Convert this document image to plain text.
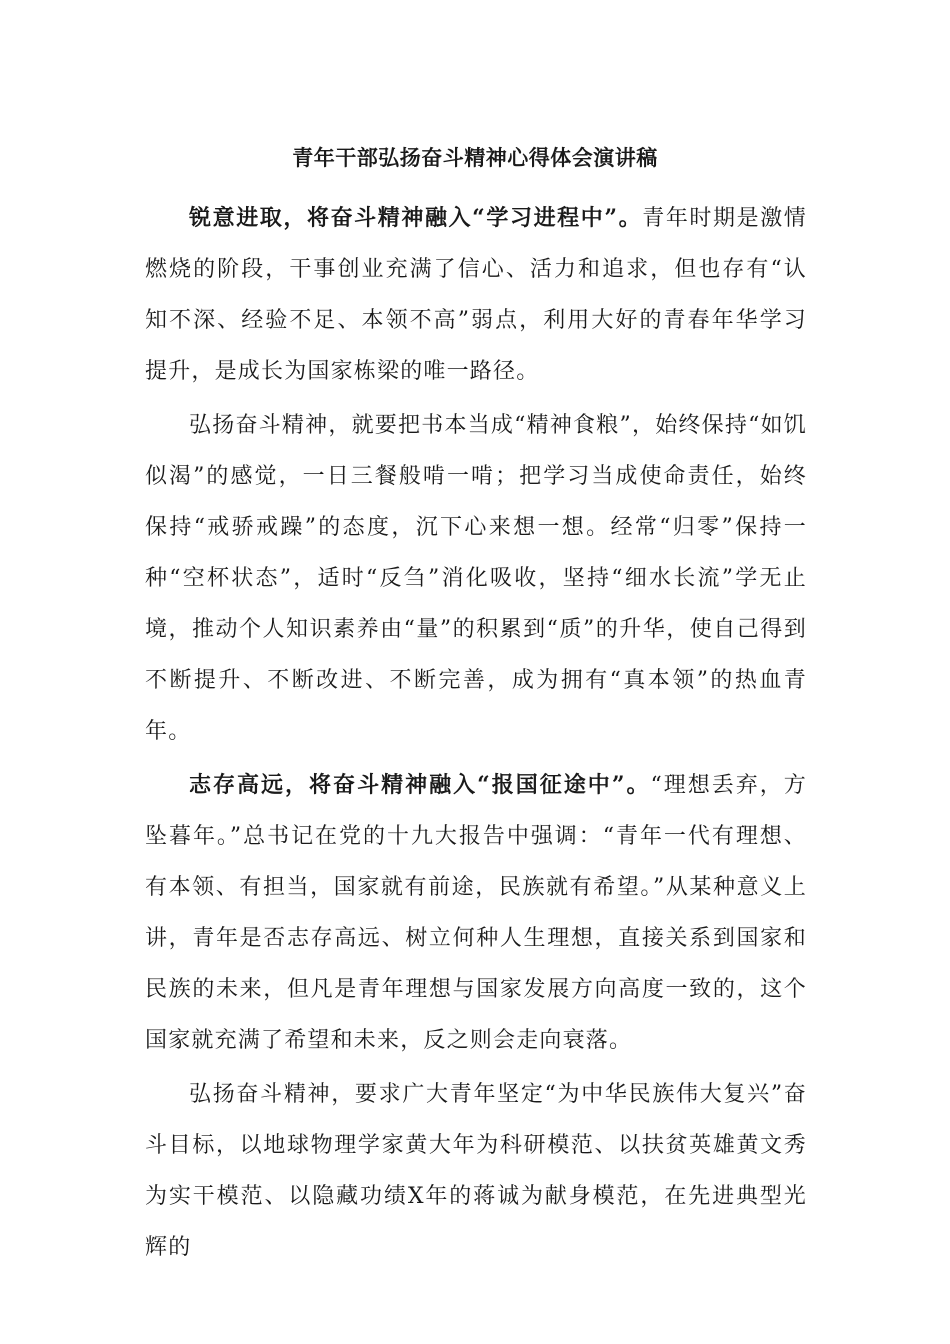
青年干部弘扬奋斗精神心得体会演讲稿

锐意进取，将奋斗精神融入“学习进程中”。青年时期是激情燃烧的阶段，干事创业充满了信心、活力和追求，但也存有“认知不深、经验不足、本领不高”弱点，利用大好的青春年华学习提升，是成长为国家栋梁的唯一路径。

弘扬奋斗精神，就要把书本当成“精神食粮”，始终保持“如饥似渴”的感觉，一日三餐般啃一啃；把学习当成使命责任，始终保持“戒骄戒躁”的态度，沉下心来想一想。经常“归零”保持一种“空杯状态”，适时“反刍”消化吸收，坚持“细水长流”学无止境，推动个人知识素养由“量”的积累到“质”的升华，使自己得到不断提升、不断改进、不断完善，成为拥有“真本领”的热血青年。

志存高远，将奋斗精神融入“报国征途中”。“理想丢弃，方坠暮年。”总书记在党的十九大报告中强调：“青年一代有理想、有本领、有担当，国家就有前途，民族就有希望。”从某种意义上讲，青年是否志存高远、树立何种人生理想，直接关系到国家和民族的未来，但凡是青年理想与国家发展方向高度一致的，这个国家就充满了希望和未来，反之则会走向衰落。

弘扬奋斗精神，要求广大青年坚定“为中华民族伟大复兴”奋斗目标，以地球物理学家黄大年为科研模范、以扶贫英雄黄文秀为实干模范、以隐藏功绩X年的蒋诚为献身模范，在先进典型光辉的
